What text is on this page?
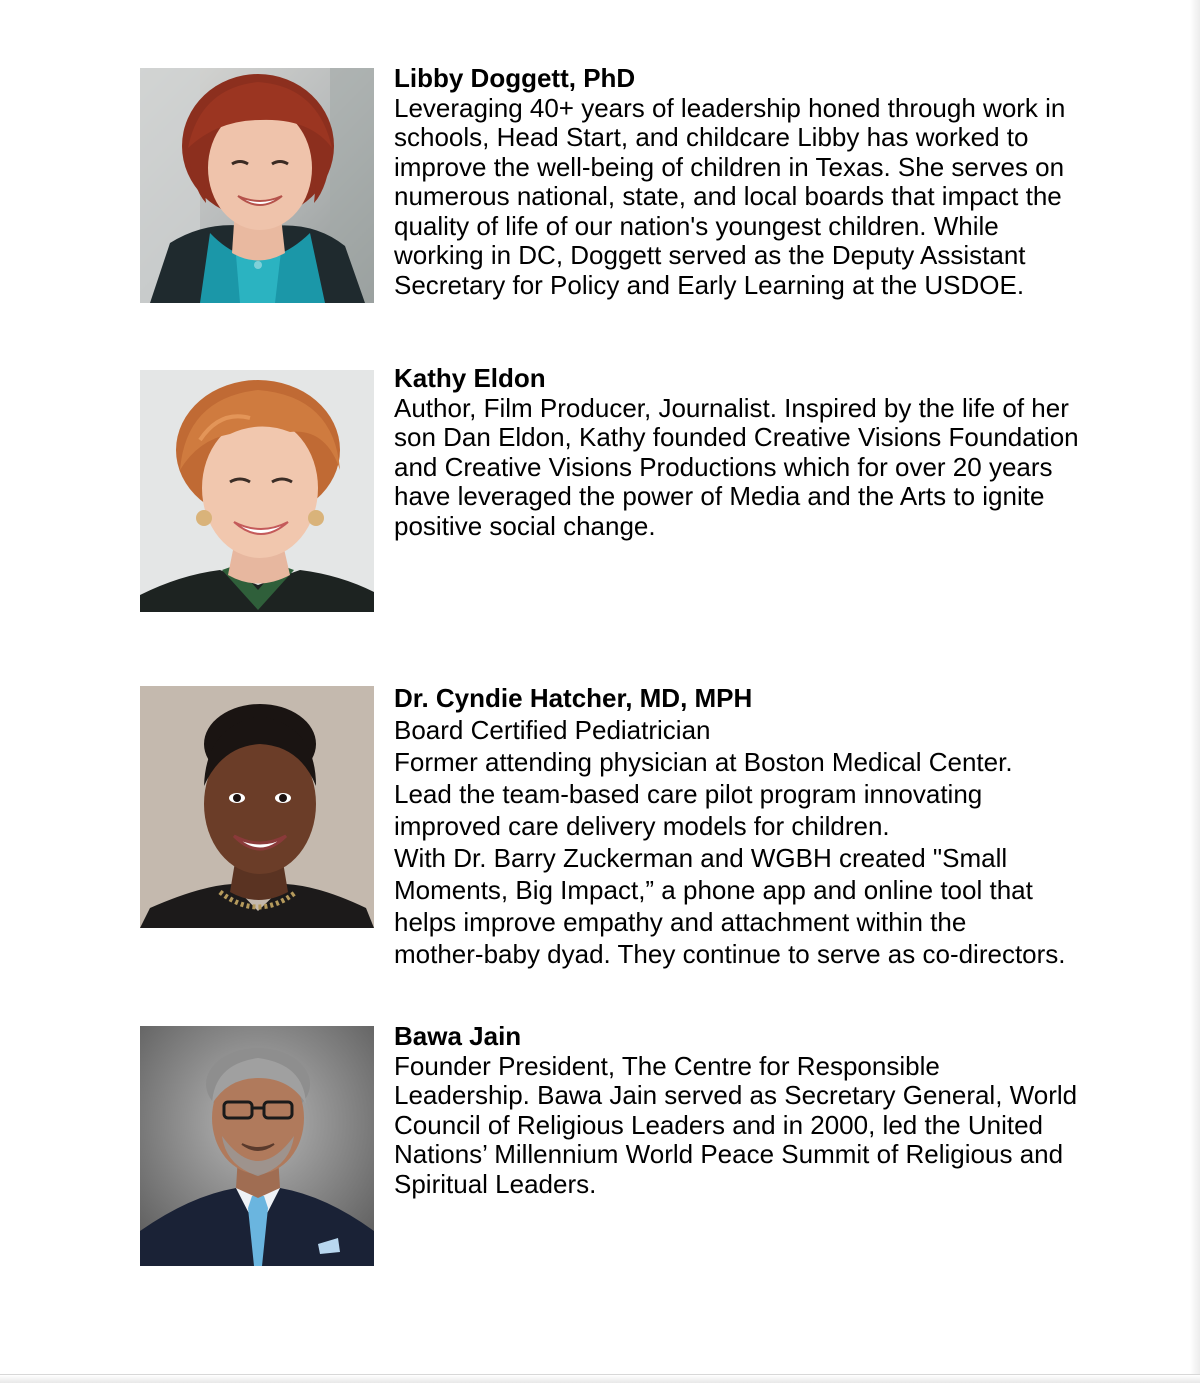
Libby Doggett, PhD
Leveraging 40+ years of leadership honed through work in
schools, Head Start, and childcare Libby has worked to
improve the well-being of children in Texas. She serves on
numerous national, state, and local boards that impact the
quality of life of our nation's youngest children. While
working in DC, Doggett served as the Deputy Assistant
Secretary for Policy and Early Learning at the USDOE.
Kathy Eldon
Author, Film Producer, Journalist. Inspired by the life of her
son Dan Eldon, Kathy founded Creative Visions Foundation
and Creative Visions Productions which for over 20 years
have leveraged the power of Media and the Arts to ignite
positive social change.
Dr. Cyndie Hatcher, MD, MPH
Board Certified Pediatrician
Former attending physician at Boston Medical Center.
Lead the team-based care pilot program innovating
improved care delivery models for children.
With Dr. Barry Zuckerman and WGBH created "Small
Moments, Big Impact,” a phone app and online tool that
helps improve empathy and attachment within the
mother-baby dyad. They continue to serve as co-directors.
Bawa Jain
Founder President, The Centre for Responsible
Leadership. Bawa Jain served as Secretary General, World
Council of Religious Leaders and in 2000, led the United
Nations’ Millennium World Peace Summit of Religious and
Spiritual Leaders.
